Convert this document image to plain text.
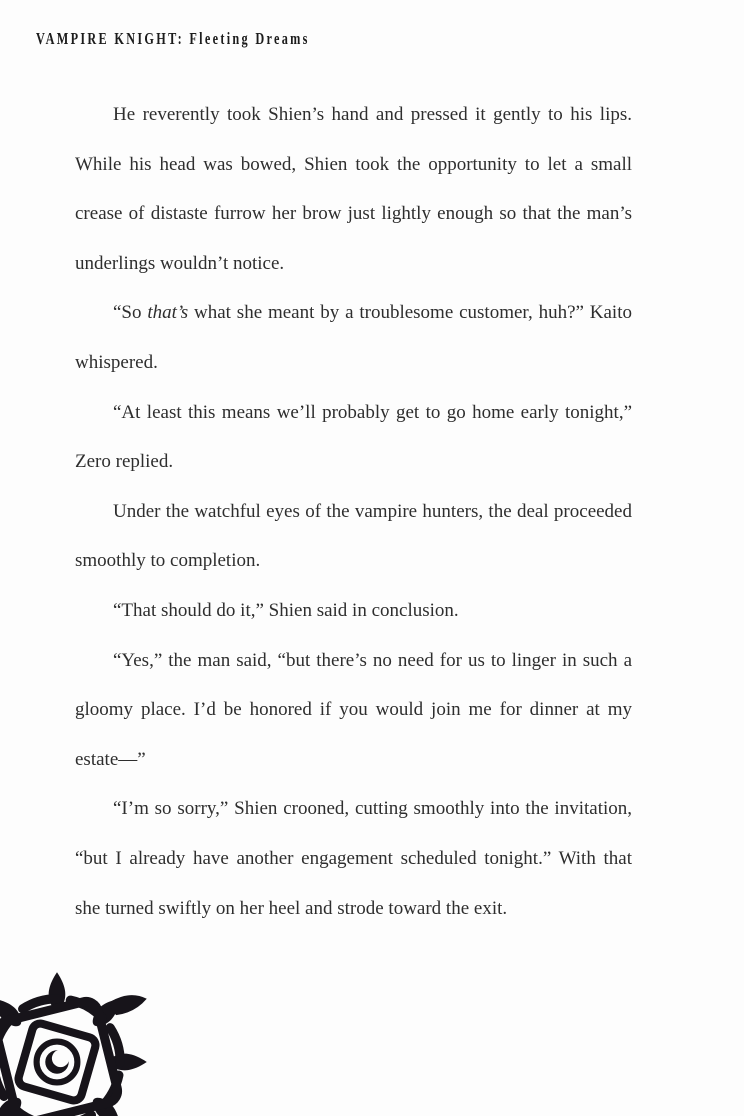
VAMPIRE KNIGHT: Fleeting Dreams

He reverently took Shien’s hand and pressed it gently to his lips. While his head was bowed, Shien took the opportunity to let a small crease of distaste furrow her brow just lightly enough so that the man’s underlings wouldn’t notice.

“So that’s what she meant by a troublesome customer, huh?” Kaito whispered.

“At least this means we’ll probably get to go home early tonight,” Zero replied.

Under the watchful eyes of the vampire hunters, the deal proceeded smoothly to completion.

“That should do it,” Shien said in conclusion.

“Yes,” the man said, “but there’s no need for us to linger in such a gloomy place. I’d be honored if you would join me for dinner at my estate—”

“I’m so sorry,” Shien crooned, cutting smoothly into the invitation, “but I already have another engagement scheduled tonight.” With that she turned swiftly on her heel and strode toward the exit.
